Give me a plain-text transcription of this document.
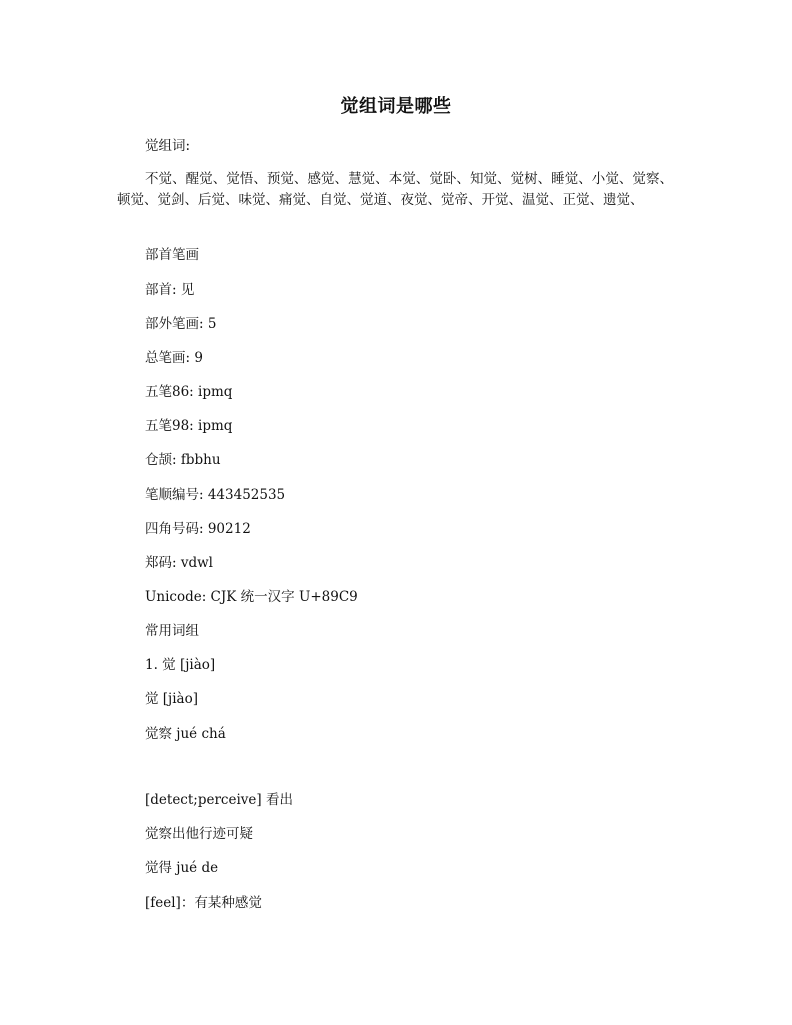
觉组词是哪些
觉组词:
不觉、醒觉、觉悟、预觉、感觉、慧觉、本觉、觉卧、知觉、觉树、睡觉、小觉、觉察、顿觉、觉剑、后觉、味觉、痛觉、自觉、觉道、夜觉、觉帝、开觉、温觉、正觉、遗觉、
部首笔画
部首: 见
部外笔画: 5
总笔画: 9
五笔86: ipmq
五笔98: ipmq
仓颉: fbbhu
笔顺编号: 443452535
四角号码: 90212
郑码: vdwl
Unicode: CJK 统一汉字 U+89C9
常用词组
1. 觉 [jiào]
觉 [jiào]
觉察 jué chá
[detect;perceive] 看出
觉察出他行迹可疑
觉得 jué de
[feel]：有某种感觉
